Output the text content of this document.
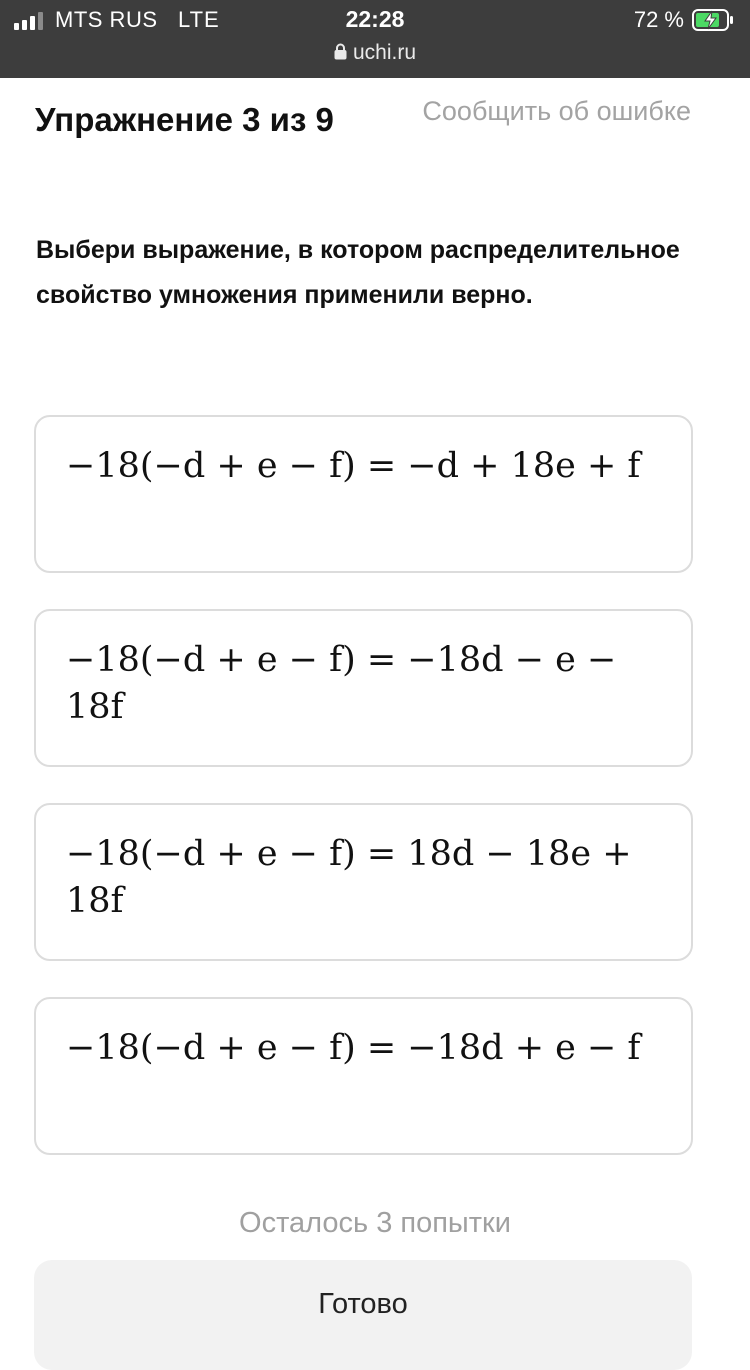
MTS RUS LTE	22:28	72 %
uchi.ru
Упражнение 3 из 9	Сообщить об ошибке
Выбери выражение, в котором распределительное свойство умножения применили верно.
−18(−d + e − f) = −d + 18e + f
−18(−d + e − f) = −18d − e − 18f
−18(−d + e − f) = 18d − 18e + 18f
−18(−d + e − f) = −18d + e − f
Осталось 3 попытки
Готово
